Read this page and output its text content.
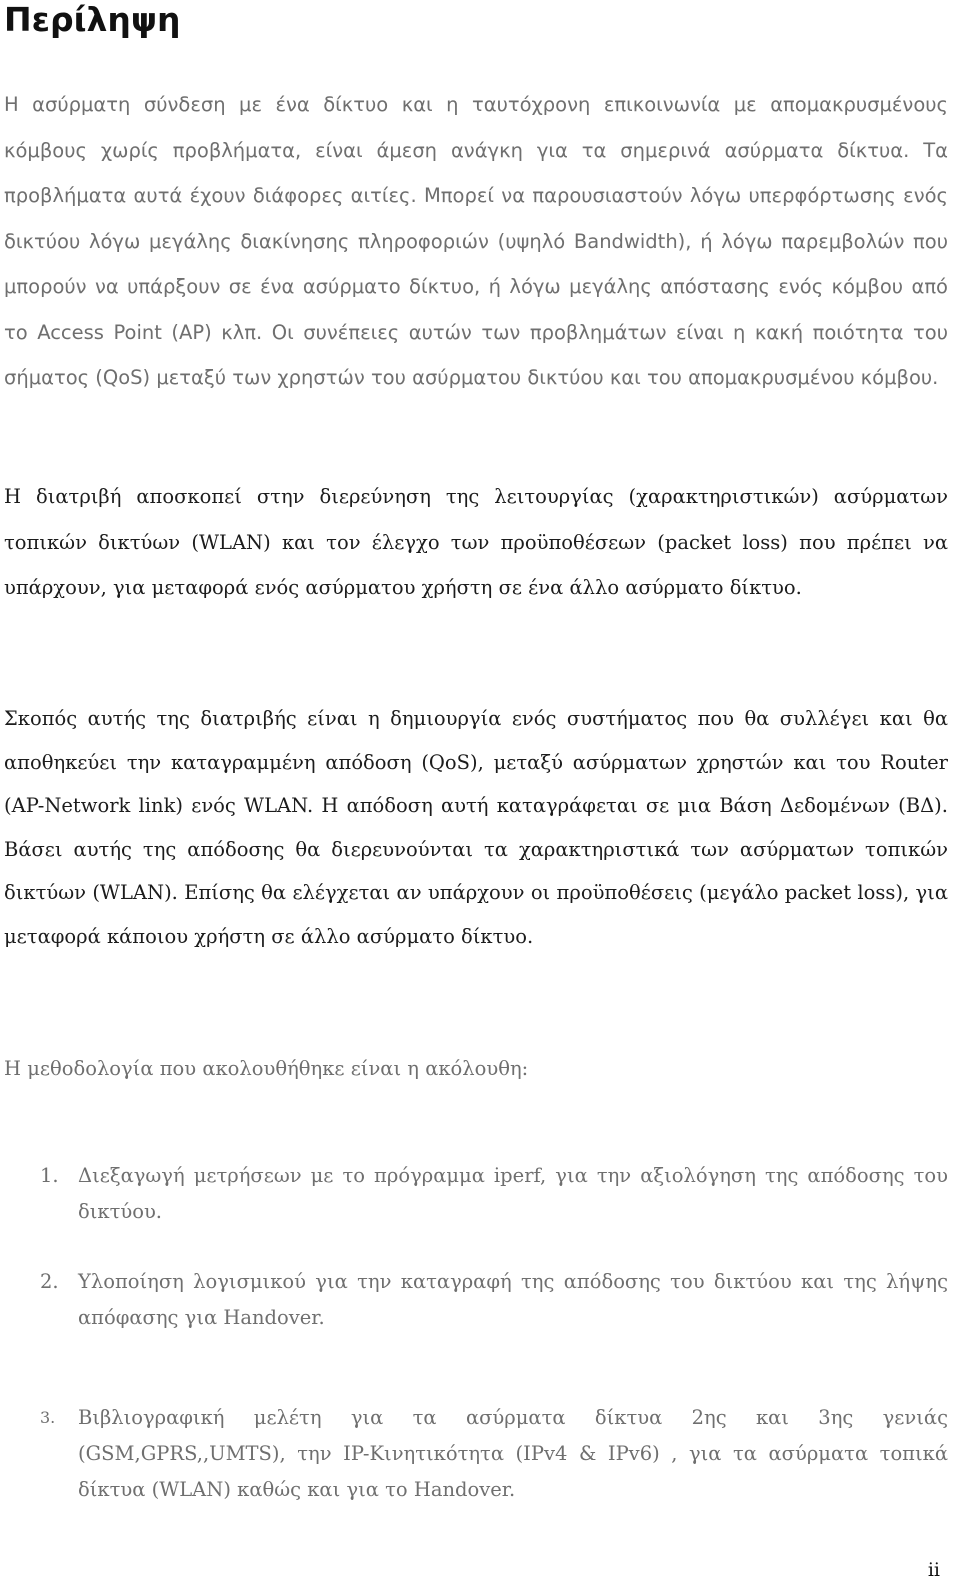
Περίληψη

Η ασύρματη σύνδεση με ένα δίκτυο και η ταυτόχρονη επικοινωνία με απομακρυσμένους κόμβους χωρίς προβλήματα, είναι άμεση ανάγκη για τα σημερινά ασύρματα δίκτυα. Τα προβλήματα αυτά έχουν διάφορες αιτίες. Μπορεί να παρουσιαστούν λόγω υπερφόρτωσης ενός δικτύου λόγω μεγάλης διακίνησης πληροφοριών (υψηλό Bandwidth), ή λόγω παρεμβολών που μπορούν να υπάρξουν σε ένα ασύρματο δίκτυο, ή λόγω μεγάλης απόστασης ενός κόμβου από το Access Point (AP) κλπ. Οι συνέπειες αυτών των προβλημάτων είναι η κακή ποιότητα του σήματος (QoS) μεταξύ των χρηστών του ασύρματου δικτύου και του απομακρυσμένου κόμβου.

Η διατριβή αποσκοπεί στην διερεύνηση της λειτουργίας (χαρακτηριστικών) ασύρματων τοπικών δικτύων (WLAN) και τον έλεγχο των προϋποθέσεων (packet loss) που πρέπει να υπάρχουν, για μεταφορά ενός ασύρματου χρήστη σε ένα άλλο ασύρματο δίκτυο.

Σκοπός αυτής της διατριβής είναι η δημιουργία ενός συστήματος που θα συλλέγει και θα αποθηκεύει την καταγραμμένη απόδοση (QoS), μεταξύ ασύρματων χρηστών και του Router (AP-Network link) ενός WLAN. Η απόδοση αυτή καταγράφεται σε μια Βάση Δεδομένων (ΒΔ). Βάσει αυτής της απόδοσης θα διερευνούνται τα χαρακτηριστικά των ασύρματων τοπικών δικτύων (WLAN). Επίσης θα ελέγχεται αν υπάρχουν οι προϋποθέσεις (μεγάλο packet loss), για μεταφορά κάποιου χρήστη σε άλλο ασύρματο δίκτυο.

Η μεθοδολογία που ακολουθήθηκε είναι η ακόλουθη:

1. Διεξαγωγή μετρήσεων με το πρόγραμμα iperf, για την αξιολόγηση της απόδοσης του δικτύου.
2. Υλοποίηση λογισμικού για την καταγραφή της απόδοσης του δικτύου και της λήψης απόφασης για Handover.
3.	Βιβλιογραφική μελέτη για τα ασύρματα δίκτυα 2ης και 3ης γενιάς (GSM,GPRS,,UMTS), την IP-Κινητικότητα (IPv4 & IPv6) , για τα ασύρματα τοπικά δίκτυα (WLAN) καθώς και για το Handover.
ii
